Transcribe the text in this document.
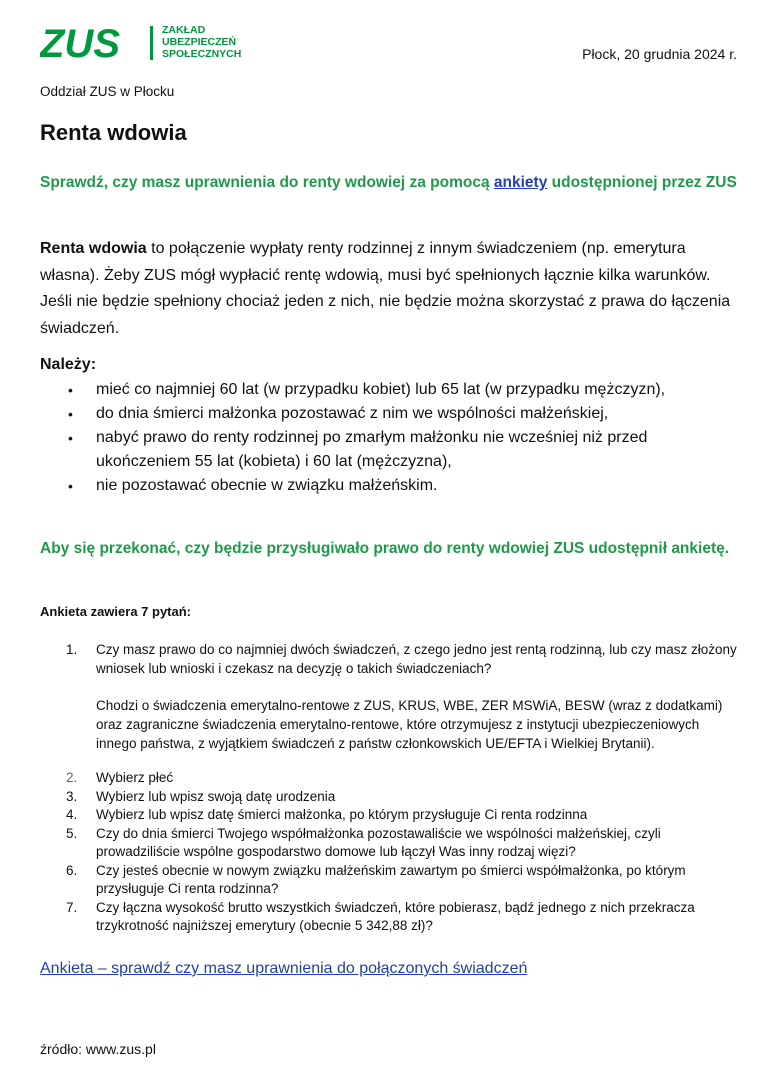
ZUS	ZAKŁAD
UBEZPIECZEŃ
SPOŁECZNYCH	Płock, 20 grudnia 2024 r.
Oddział ZUS w Płocku
Renta wdowia

Sprawdź, czy masz uprawnienia do renty wdowiej za pomocą ankiety udostępnionej przez ZUS

Renta wdowia to połączenie wypłaty renty rodzinnej z innym świadczeniem (np. emerytura własna). Żeby ZUS mógł wypłacić rentę wdowią, musi być spełnionych łącznie kilka warunków. Jeśli nie będzie spełniony chociaż jeden z nich, nie będzie można skorzystać z prawa do łączenia świadczeń.

Należy:

• mieć co najmniej 60 lat (w przypadku kobiet) lub 65 lat (w przypadku mężczyzn),
• do dnia śmierci małżonka pozostawać z nim we wspólności małżeńskiej,
• nabyć prawo do renty rodzinnej po zmarłym małżonku nie wcześniej niż przed ukończeniem 55 lat (kobieta) i 60 lat (mężczyzna),
• nie pozostawać obecnie w związku małżeńskim.

Aby się przekonać, czy będzie przysługiwało prawo do renty wdowiej ZUS udostępnił ankietę.

Ankieta zawiera 7 pytań:

1.	Czy masz prawo do co najmniej dwóch świadczeń, z czego jedno jest rentą rodzinną, lub czy masz złożony wniosek lub wnioski i czekasz na decyzję o takich świadczeniach?
Chodzi o świadczenia emerytalno-rentowe z ZUS, KRUS, WBE, ZER MSWiA, BESW (wraz z dodatkami) oraz zagraniczne świadczenia emerytalno-rentowe, które otrzymujesz z instytucji ubezpieczeniowych innego państwa, z wyjątkiem świadczeń z państw członkowskich UE/EFTA i Wielkiej Brytanii).
2.	Wybierz płeć
3.	Wybierz lub wpisz swoją datę urodzenia
4.	Wybierz lub wpisz datę śmierci małżonka, po którym przysługuje Ci renta rodzinna
5.	Czy do dnia śmierci Twojego współmałżonka pozostawaliście we wspólności małżeńskiej, czyli prowadziliście wspólne gospodarstwo domowe lub łączył Was inny rodzaj więzi?
6.	Czy jesteś obecnie w nowym związku małżeńskim zawartym po śmierci współmałżonka, po którym przysługuje Ci renta rodzinna?
7.	Czy łączna wysokość brutto wszystkich świadczeń, które pobierasz, bądź jednego z nich przekracza trzykrotność najniższej emerytury (obecnie 5 342,88 zł)?
Ankieta – sprawdź czy masz uprawnienia do połączonych świadczeń
źródło: www.zus.pl
